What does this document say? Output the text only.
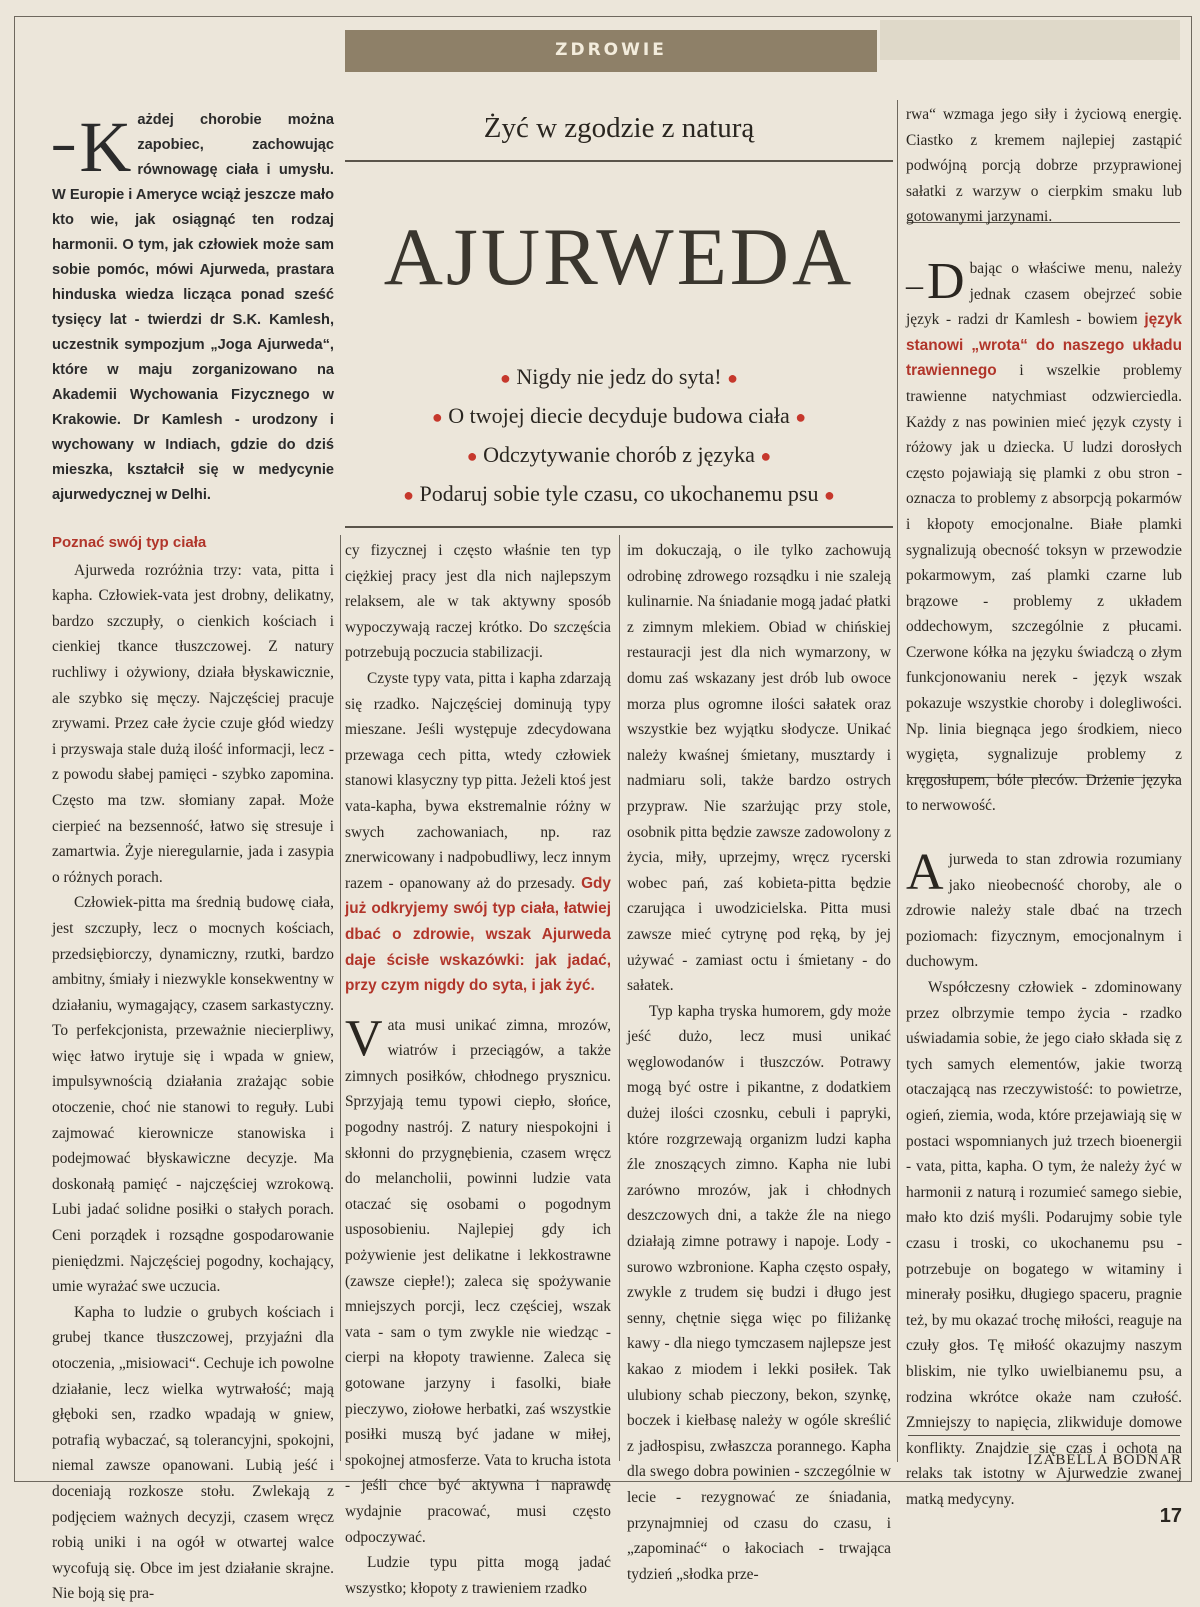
ZDROWIE
– K ażdej chorobie można zapobiec, zachowując równowagę ciała i umysłu. W Europie i Ameryce wciąż jeszcze mało kto wie, jak osiągnąć ten rodzaj harmonii. O tym, jak człowiek może sam sobie pomóc, mówi Ajurweda, prastara hinduska wiedza licząca ponad sześć tysięcy lat - twierdzi dr S.K. Kamlesh, uczestnik sympozjum „Joga Ajurweda“, które w maju zorganizowano na Akademii Wychowania Fizycznego w Krakowie. Dr Kamlesh - urodzony i wychowany w Indiach, gdzie do dziś mieszka, kształcił się w medycynie ajurwedycznej w Delhi.
Poznać swój typ ciała

Ajurweda rozróżnia trzy: vata, pitta i kapha. Człowiek-vata jest drobny, delikatny, bardzo szczupły, o cienkich kościach i cienkiej tkance tłuszczowej. Z natury ruchliwy i ożywiony, działa błyskawicznie, ale szybko się męczy. Najczęściej pracuje zrywami. Przez całe życie czuje głód wiedzy i przyswaja stale dużą ilość informacji, lecz - z powodu słabej pamięci - szybko zapomina. Często ma tzw. słomiany zapał. Może cierpieć na bezsenność, łatwo się stresuje i zamartwia. Żyje nieregularnie, jada i zasypia o różnych porach.

Człowiek-pitta ma średnią budowę ciała, jest szczupły, lecz o mocnych kościach, przedsiębiorczy, dynamiczny, rzutki, bardzo ambitny, śmiały i niezwykle konsekwentny w działaniu, wymagający, czasem sarkastyczny. To perfekcjonista, przeważnie niecierpliwy, więc łatwo irytuje się i wpada w gniew, impulsywnością działania zrażając sobie otoczenie, choć nie stanowi to reguły. Lubi zajmować kierownicze stanowiska i podejmować błyskawiczne decyzje. Ma doskonałą pamięć - najczęściej wzrokową. Lubi jadać solidne posiłki o stałych porach. Ceni porządek i rozsądne gospodarowanie pieniędzmi. Najczęściej pogodny, kochający, umie wyrażać swe uczucia.

Kapha to ludzie o grubych kościach i grubej tkance tłuszczowej, przyjaźni dla otoczenia, „misiowaci“. Cechuje ich powolne działanie, lecz wielka wytrwałość; mają głęboki sen, rzadko wpadają w gniew, potrafią wybaczać, są tolerancyjni, spokojni, niemal zawsze opanowani. Lubią jeść i doceniają rozkosze stołu. Zwlekają z podjęciem ważnych decyzji, czasem wręcz robią uniki i na ogół w otwartej walce wycofują się. Obce im jest działanie skrajne. Nie boją się pra-

Żyć w zgodzie z naturą
AJURWEDA
● Nigdy nie jedz do syta! ●
● O twojej diecie decyduje budowa ciała ●
● Odczytywanie chorób z języka ●
● Podaruj sobie tyle czasu, co ukochanemu psu ●

cy fizycznej i często właśnie ten typ ciężkiej pracy jest dla nich najlepszym relaksem, ale w tak aktywny sposób wypoczywają raczej krótko. Do szczęścia potrzebują poczucia stabilizacji.

Czyste typy vata, pitta i kapha zdarzają się rzadko. Najczęściej dominują typy mieszane. Jeśli występuje zdecydowana przewaga cech pitta, wtedy człowiek stanowi klasyczny typ pitta. Jeżeli ktoś jest vata-kapha, bywa ekstremalnie różny w swych zachowaniach, np. raz znerwicowany i nadpobudliwy, lecz innym razem - opanowany aż do przesady. Gdy już odkryjemy swój typ ciała, łatwiej dbać o zdrowie, wszak Ajurweda daje ścisłe wskazówki: jak jadać, przy czym nigdy do syta, i jak żyć.

Vata musi unikać zimna, mrozów, wiatrów i przeciągów, a także zimnych posiłków, chłodnego prysznicu. Sprzyjają temu typowi ciepło, słońce, pogodny nastrój. Z natury niespokojni i skłonni do przygnębienia, czasem wręcz do melancholii, powinni ludzie vata otaczać się osobami o pogodnym usposobieniu. Najlepiej gdy ich pożywienie jest delikatne i lekkostrawne (zawsze ciepłe!); zaleca się spożywanie mniejszych porcji, lecz częściej, wszak vata - sam o tym zwykle nie wiedząc - cierpi na kłopoty trawienne. Zaleca się gotowane jarzyny i fasolki, białe pieczywo, ziołowe herbatki, zaś wszystkie posiłki muszą być jadane w miłej, spokojnej atmosferze. Vata to krucha istota - jeśli chce być aktywna i naprawdę wydajnie pracować, musi często odpoczywać.

Ludzie typu pitta mogą jadać wszystko; kłopoty z trawieniem rzadko

im dokuczają, o ile tylko zachowują odrobinę zdrowego rozsądku i nie szaleją kulinarnie. Na śniadanie mogą jadać płatki z zimnym mlekiem. Obiad w chińskiej restauracji jest dla nich wymarzony, w domu zaś wskazany jest drób lub owoce morza plus ogromne ilości sałatek oraz wszystkie bez wyjątku słodycze. Unikać należy kwaśnej śmietany, musztardy i nadmiaru soli, także bardzo ostrych przypraw. Nie szarżując przy stole, osobnik pitta będzie zawsze zadowolony z życia, miły, uprzejmy, wręcz rycerski wobec pań, zaś kobieta-pitta będzie czarująca i uwodzicielska. Pitta musi zawsze mieć cytrynę pod ręką, by jej używać - zamiast octu i śmietany - do sałatek.

Typ kapha tryska humorem, gdy może jeść dużo, lecz musi unikać węglowodanów i tłuszczów. Potrawy mogą być ostre i pikantne, z dodatkiem dużej ilości czosnku, cebuli i papryki, które rozgrzewają organizm ludzi kapha źle znoszących zimno. Kapha nie lubi zarówno mrozów, jak i chłodnych deszczowych dni, a także źle na niego działają zimne potrawy i napoje. Lody - surowo wzbronione. Kapha często ospały, zwykle z trudem się budzi i długo jest senny, chętnie sięga więc po filiżankę kawy - dla niego tymczasem najlepsze jest kakao z miodem i lekki posiłek. Tak ulubiony schab pieczony, bekon, szynkę, boczek i kiełbasę należy w ogóle skreślić z jadłospisu, zwłaszcza porannego. Kapha dla swego dobra powinien - szczególnie w lecie - rezygnować ze śniadania, przynajmniej od czasu do czasu, i „zapominać“ o łakociach - trwająca tydzień „słodka prze-

rwa“ wzmaga jego siły i życiową energię. Ciastko z kremem najlepiej zastąpić podwójną porcją dobrze przyprawionej sałatki z warzyw o cierpkim smaku lub gotowanymi jarzynami.

– D bając o właściwe menu, należy jednak czasem obejrzeć sobie język - radzi dr Kamlesh - bowiem język stanowi „wrota“ do naszego układu trawiennego i wszelkie problemy trawienne natychmiast odzwierciedla. Każdy z nas powinien mieć język czysty i różowy jak u dziecka. U ludzi dorosłych często pojawiają się plamki z obu stron - oznacza to problemy z absorpcją pokarmów i kłopoty emocjonalne. Białe plamki sygnalizują obecność toksyn w przewodzie pokarmowym, zaś plamki czarne lub brązowe - problemy z układem oddechowym, szczególnie z płucami. Czerwone kółka na języku świadczą o złym funkcjonowaniu nerek - język wszak pokazuje wszystkie choroby i dolegliwości. Np. linia biegnąca jego środkiem, nieco wygięta, sygnalizuje problemy z kręgosłupem, bóle pleców. Drżenie języka to nerwowość.

Ajurweda to stan zdrowia rozumiany jako nieobecność choroby, ale o zdrowie należy stale dbać na trzech poziomach: fizycznym, emocjonalnym i duchowym.

Współczesny człowiek - zdominowany przez olbrzymie tempo życia - rzadko uświadamia sobie, że jego ciało składa się z tych samych elementów, jakie tworzą otaczającą nas rzeczywistość: to powietrze, ogień, ziemia, woda, które przejawiają się w postaci wspomnianych już trzech bioenergii - vata, pitta, kapha. O tym, że należy żyć w harmonii z naturą i rozumieć samego siebie, mało kto dziś myśli. Podarujmy sobie tyle czasu i troski, co ukochanemu psu - potrzebuje on bogatego w witaminy i minerały posiłku, długiego spaceru, pragnie też, by mu okazać trochę miłości, reaguje na czuły głos. Tę miłość okazujmy naszym bliskim, nie tylko uwielbianemu psu, a rodzina wkrótce okaże nam czułość. Zmniejszy to napięcia, zlikwiduje domowe konflikty. Znajdzie się czas i ochota na relaks tak istotny w Ajurwedzie zwanej matką medycyny.

IZABELLA BODNAR
17
